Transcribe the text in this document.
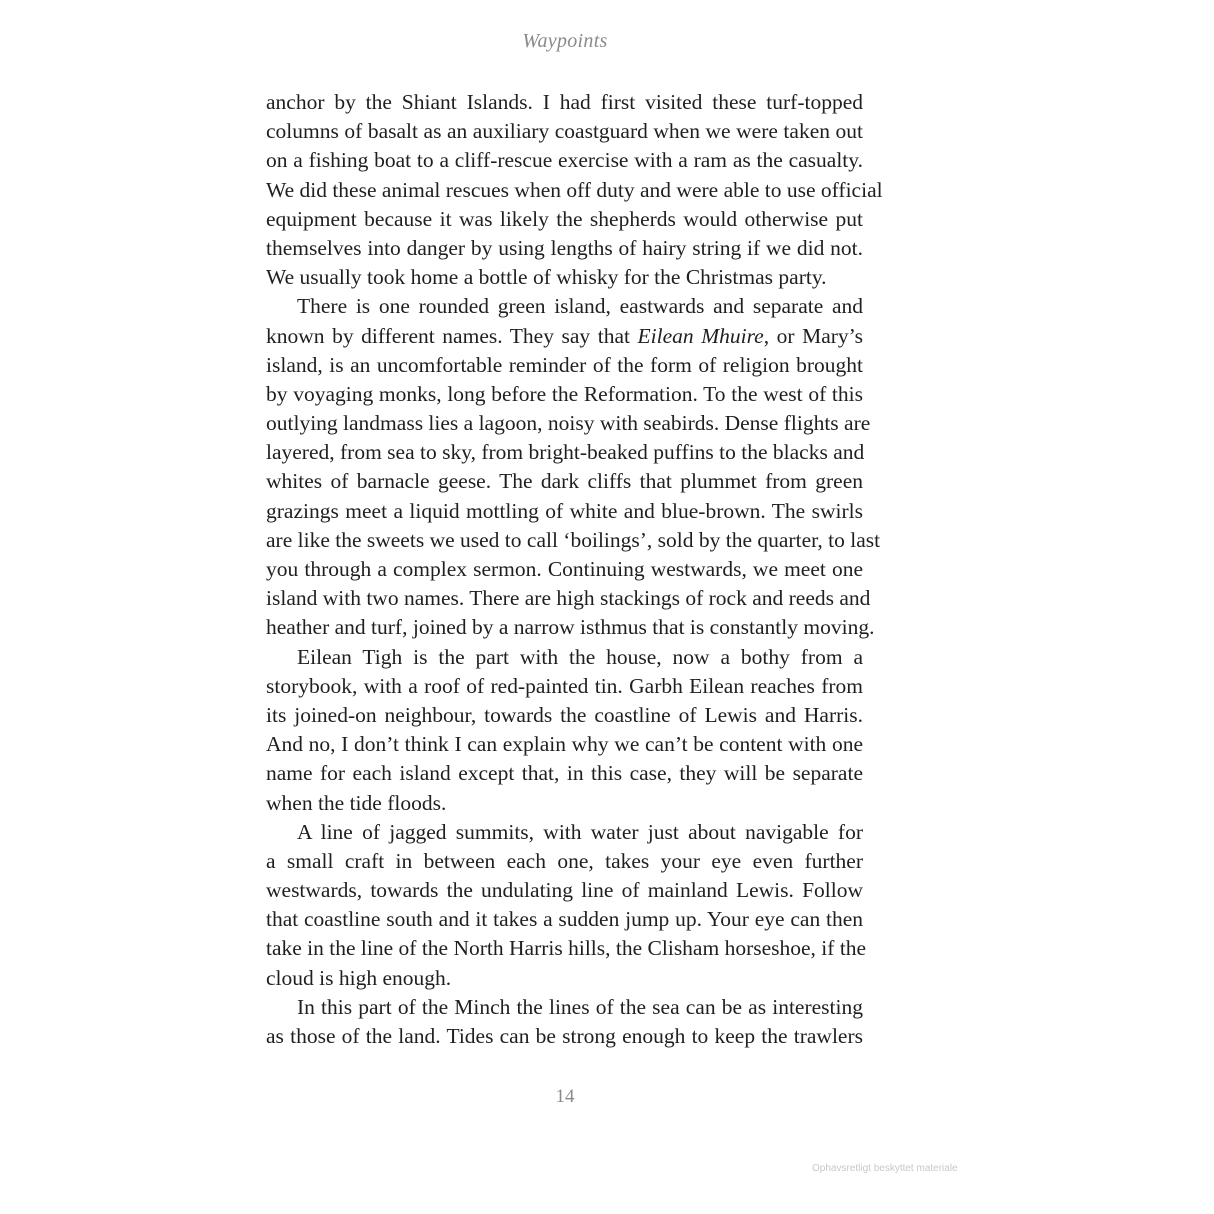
Waypoints
anchor by the Shiant Islands. I had first visited these turf-topped
columns of basalt as an auxiliary coastguard when we were taken out
on a fishing boat to a cliff-rescue exercise with a ram as the casualty.
We did these animal rescues when off duty and were able to use official
equipment because it was likely the shepherds would otherwise put
themselves into danger by using lengths of hairy string if we did not.
We usually took home a bottle of whisky for the Christmas party.
There is one rounded green island, eastwards and separate and
known by different names. They say that Eilean Mhuire, or Mary’s
island, is an uncomfortable reminder of the form of religion brought
by voyaging monks, long before the Reformation. To the west of this
outlying landmass lies a lagoon, noisy with seabirds. Dense flights are
layered, from sea to sky, from bright-beaked puffins to the blacks and
whites of barnacle geese. The dark cliffs that plummet from green
grazings meet a liquid mottling of white and blue-brown. The swirls
are like the sweets we used to call ‘boilings’, sold by the quarter, to last
you through a complex sermon. Continuing westwards, we meet one
island with two names. There are high stackings of rock and reeds and
heather and turf, joined by a narrow isthmus that is constantly moving.
Eilean Tigh is the part with the house, now a bothy from a
storybook, with a roof of red-painted tin. Garbh Eilean reaches from
its joined-on neighbour, towards the coastline of Lewis and Harris.
And no, I don’t think I can explain why we can’t be content with one
name for each island except that, in this case, they will be separate
when the tide floods.
A line of jagged summits, with water just about navigable for
a small craft in between each one, takes your eye even further
westwards, towards the undulating line of mainland Lewis. Follow
that coastline south and it takes a sudden jump up. Your eye can then
take in the line of the North Harris hills, the Clisham horseshoe, if the
cloud is high enough.
In this part of the Minch the lines of the sea can be as interesting
as those of the land. Tides can be strong enough to keep the trawlers
14
Ophavsretligt beskyttet materiale
